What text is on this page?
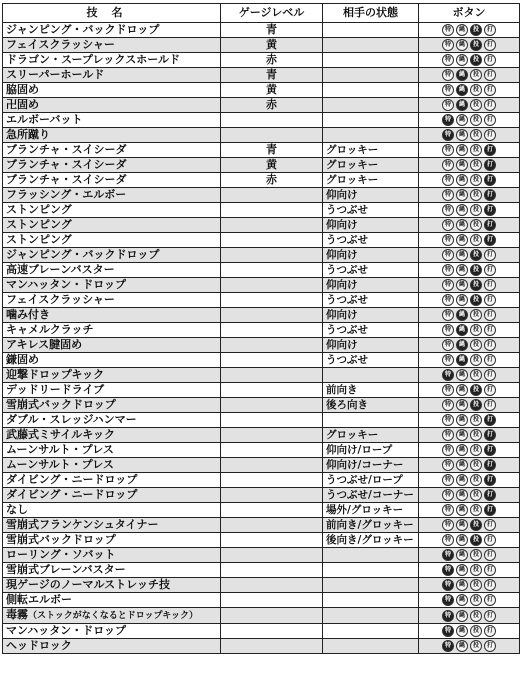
技名	ゲージレベル	相手の状態	ボタン
ジャンピング・バックドロップ	青		特 縄 投 打
フェイスクラッシャー	黄		特 縄 投 打
ドラゴン・スープレックスホールド	赤		特 縄 投 打
スリーパーホールド	青		特 縄 投 打
脇固め	黄		特 縄 投 打
卍固め	赤		特 縄 投 打
エルボーバット			特 縄 投 打
急所蹴り			特 縄 投 打
ブランチャ・スイシーダ	青	グロッキー	特 縄 投 打
ブランチャ・スイシーダ	黄	グロッキー	特 縄 投 打
ブランチャ・スイシーダ	赤	グロッキー	特 縄 投 打
フラッシング・エルボー		仰向け	特 縄 投 打
ストンピング		うつぶせ	特 縄 投 打
ストンピング		仰向け	特 縄 投 打
ストンピング		うつぶせ	特 縄 投 打
ジャンピング・バックドロップ		仰向け	特 縄 投 打
高速ブレーンバスター		うつぶせ	特 縄 投 打
マンハッタン・ドロップ		仰向け	特 縄 投 打
フェイスクラッシャー		うつぶせ	特 縄 投 打
噛み付き		仰向け	特 縄 投 打
キャメルクラッチ		うつぶせ	特 縄 投 打
アキレス腱固め		仰向け	特 縄 投 打
鎌固め		うつぶせ	特 縄 投 打
迎撃ドロップキック			特 縄 投 打
デッドリードライブ		前向き	特 縄 投 打
雪崩式バックドロップ		後ろ向き	特 縄 投 打
ダブル・スレッジハンマー			特 縄 投 打
武藤式ミサイルキック		グロッキー	特 縄 投 打
ムーンサルト・プレス		仰向け/ロープ	特 縄 投 打
ムーンサルト・プレス		仰向け/コーナー	特 縄 投 打
ダイビング・ニードロップ		うつぶせ/ロープ	特 縄 投 打
ダイビング・ニードロップ		うつぶせ/コーナー	特 縄 投 打
なし		場外/グロッキー	特 縄 投 打
雪崩式フランケンシュタイナー		前向き/グロッキー	特 縄 投 打
雪崩式バックドロップ		後向き/グロッキー	特 縄 投 打
ローリング・ソバット			特 縄 投 打
雪崩式ブレーンバスター			特 縄 投 打
現ゲージのノーマルストレッチ技			特 縄 投 打
側転エルボー			特 縄 投 打
毒霧（ストックがなくなるとドロップキック）			特 縄 投 打
マンハッタン・ドロップ			特 縄 投 打
ヘッドロック			特 縄 投 打
